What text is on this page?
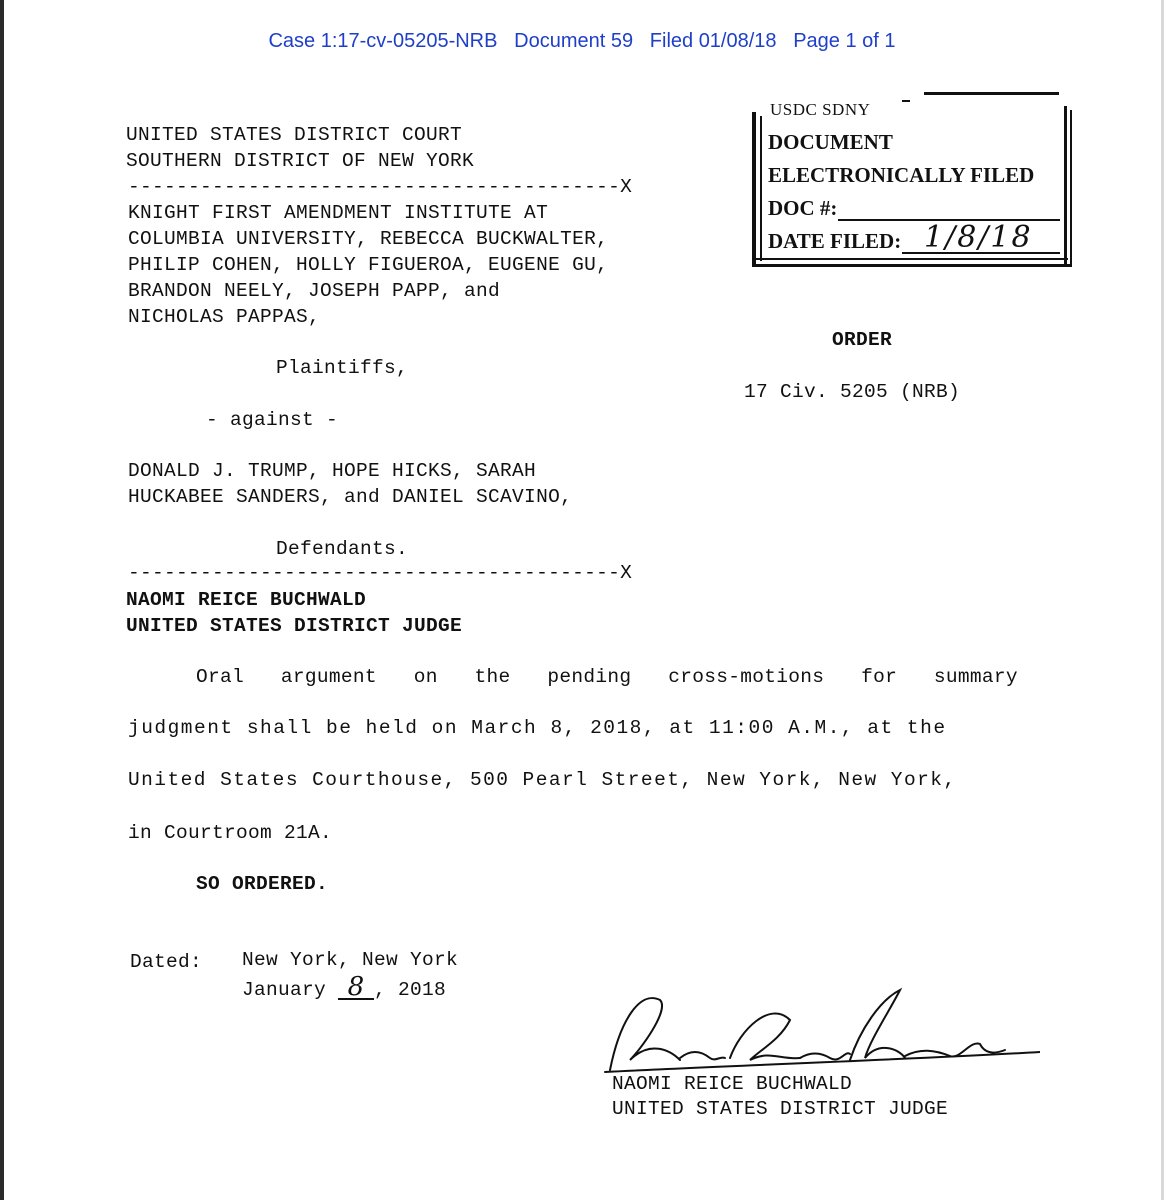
Case 1:17-cv-05205-NRB Document 59 Filed 01/08/18 Page 1 of 1
UNITED STATES DISTRICT COURT
SOUTHERN DISTRICT OF NEW YORK
-----------------------------------------X
KNIGHT FIRST AMENDMENT INSTITUTE AT
COLUMBIA UNIVERSITY, REBECCA BUCKWALTER,
PHILIP COHEN, HOLLY FIGUEROA, EUGENE GU,
BRANDON NEELY, JOSEPH PAPP, and
NICHOLAS PAPPAS,
Plaintiffs,
- against -
DONALD J. TRUMP, HOPE HICKS, SARAH
HUCKABEE SANDERS, and DANIEL SCAVINO,
Defendants.
-----------------------------------------X
NAOMI REICE BUCHWALD
UNITED STATES DISTRICT JUDGE
USDC SDNY
DOCUMENT
ELECTRONICALLY FILED
DOC #:
DATE FILED: 1/8/18
ORDER
17 Civ. 5205 (NRB)
Oral argument on the pending cross-motions for summary
judgment shall be held on March 8, 2018, at 11:00 A.M., at the
United States Courthouse, 500 Pearl Street, New York, New York,
in Courtroom 21A.
SO ORDERED.
Dated: New York, New York
January 8 , 2018
NAOMI REICE BUCHWALD
UNITED STATES DISTRICT JUDGE
